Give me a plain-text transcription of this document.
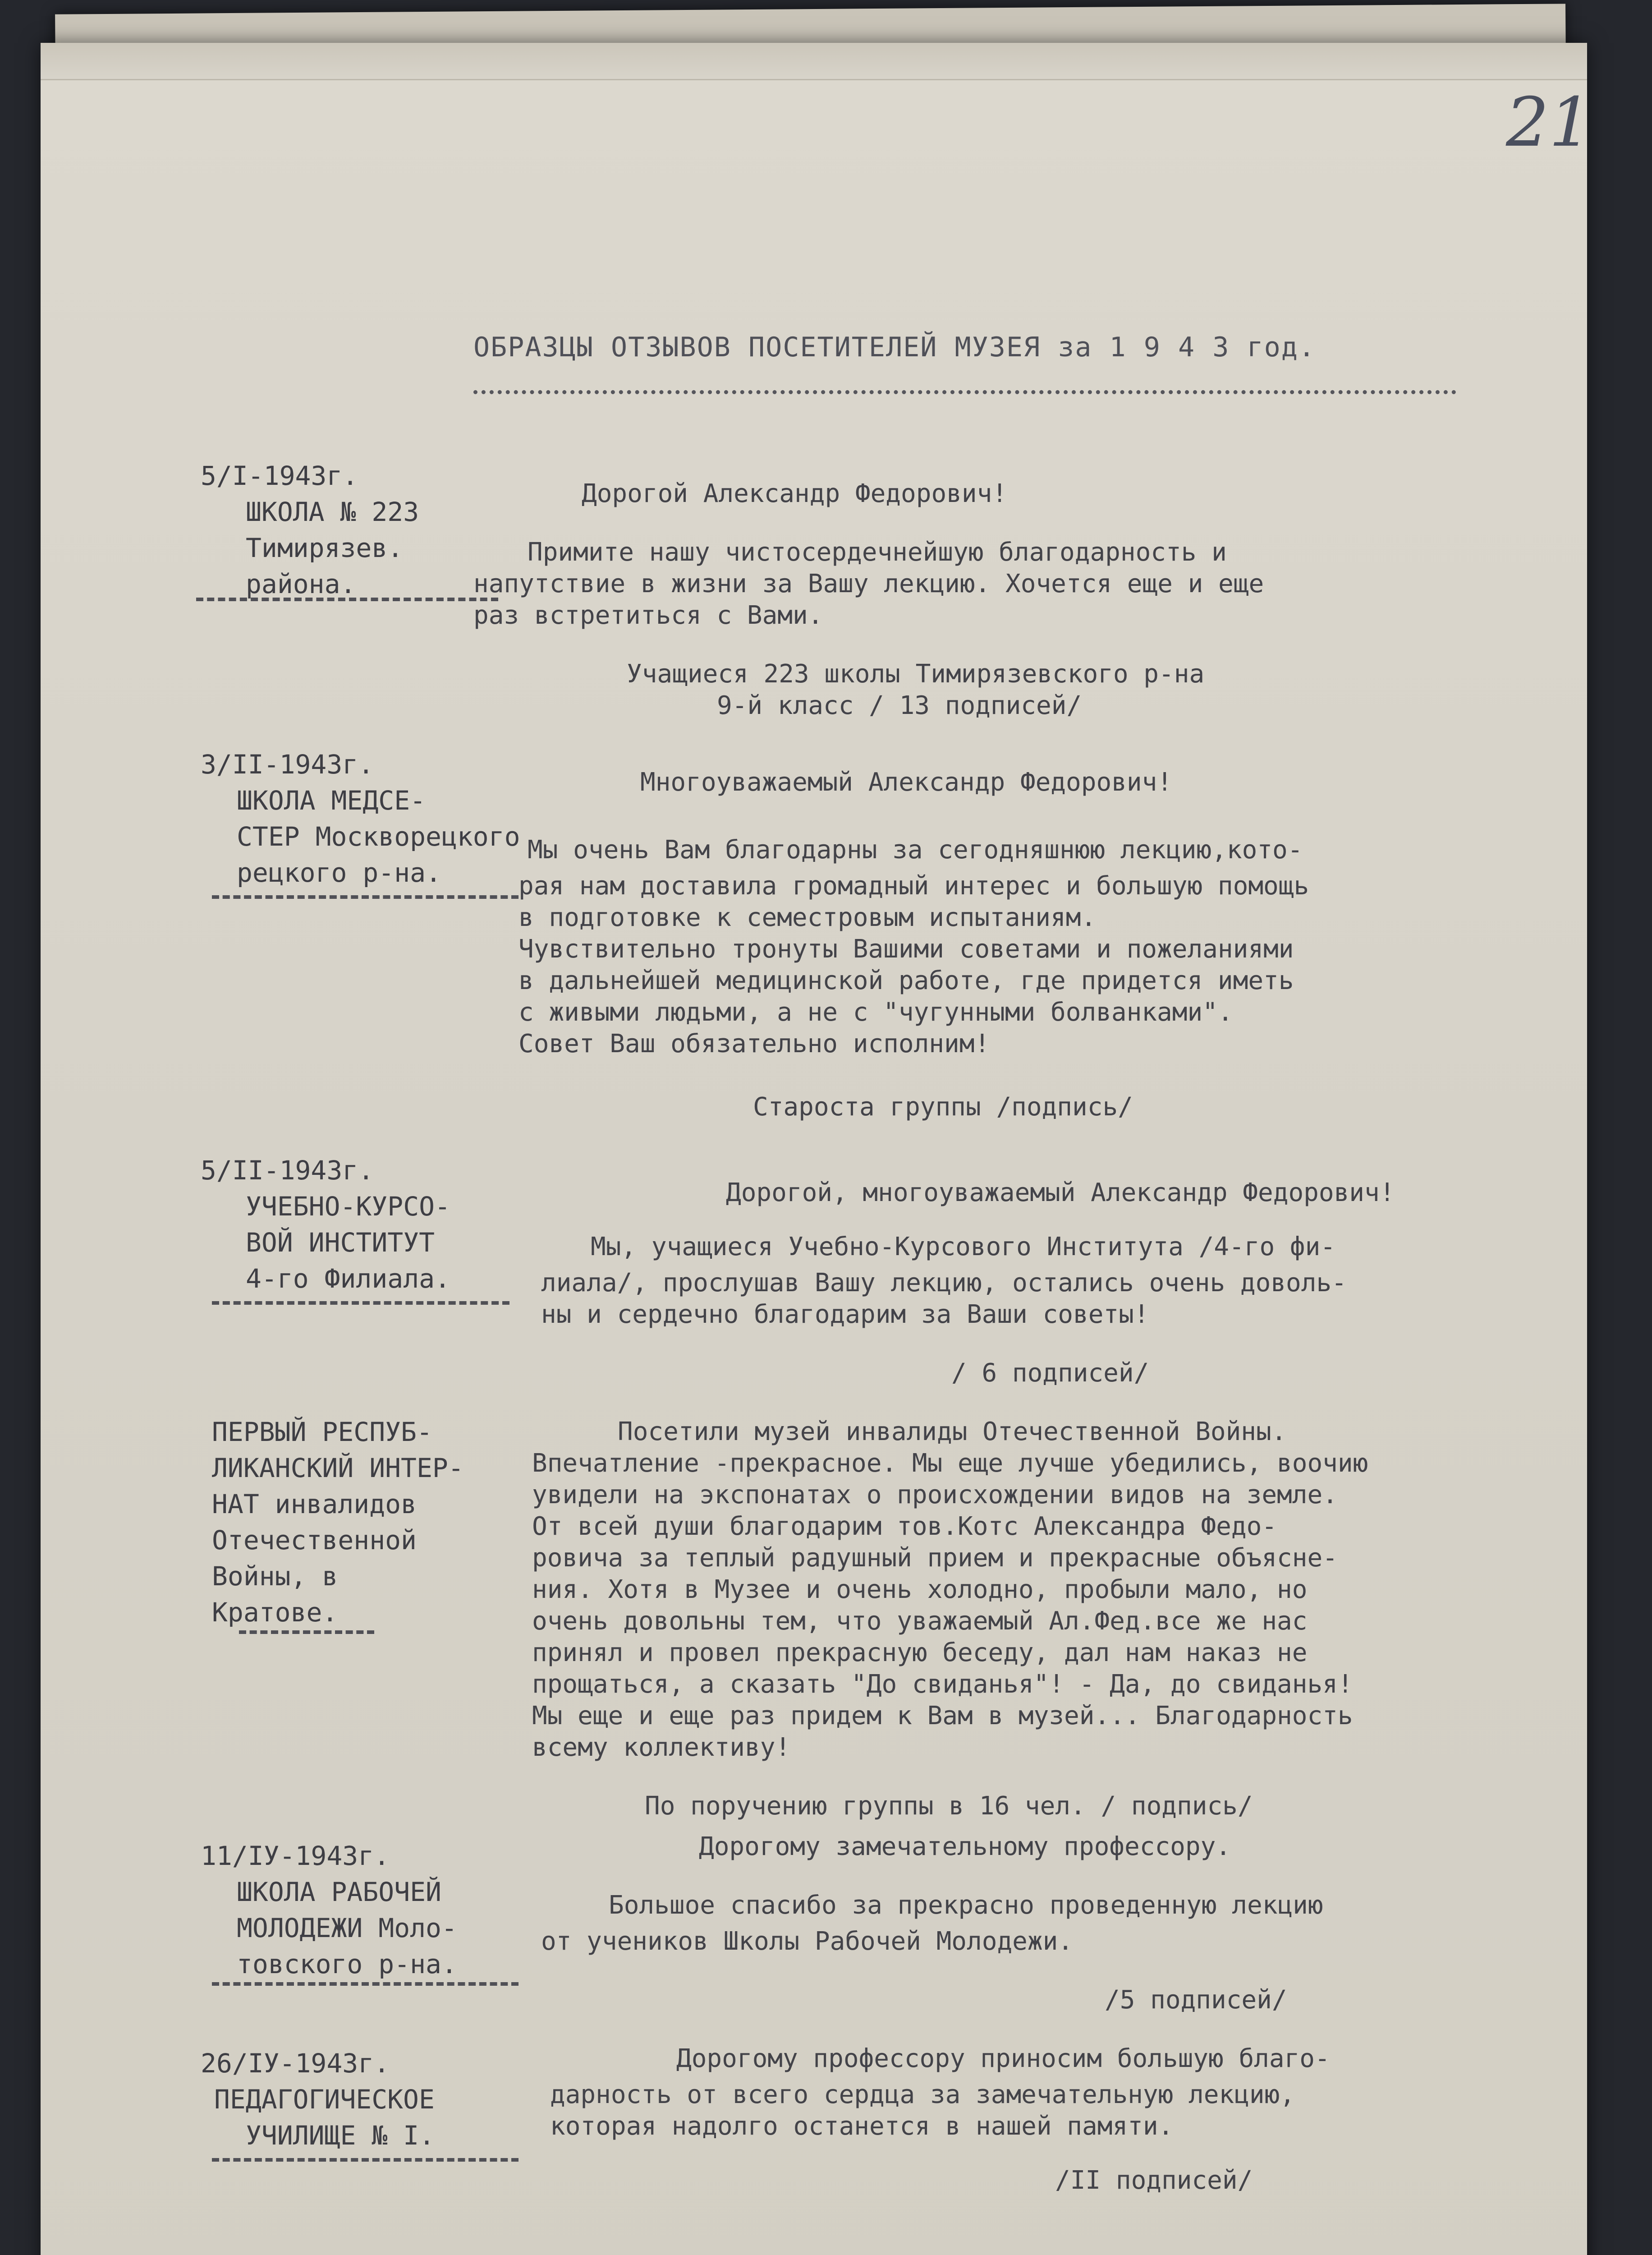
21
ОБРАЗЦЫ ОТЗЫВОВ ПОСЕТИТЕЛЕЙ МУЗЕЯ за 1 9 4 3 год.
5/I-1943г.
ШКОЛА № 223
Тимирязев.
района.
Дорогой Александр Федорович!
Примите нашу чистосердечнейшую благодарность и
напутствие в жизни за Вашу лекцию. Хочется еще и еще
раз встретиться с Вами.
Учащиеся 223 школы Тимирязевского р-на
9-й класс / 13 подписей/
3/II-1943г.
ШКОЛА МЕДСЕ-
СТЕР Москворецкого
рецкого р-на.
Многоуважаемый Александр Федорович!
Мы очень Вам благодарны за сегодняшнюю лекцию,кото-
рая нам доставила громадный интерес и большую помощь
в подготовке к семестровым испытаниям.
Чувствительно тронуты Вашими советами и пожеланиями
в дальнейшей медицинской работе, где придется иметь
с живыми людьми, а не с "чугунными болванками".
Совет Ваш обязательно исполним!
Староста группы /подпись/
5/II-1943г.
УЧЕБНО-КУРСО-
ВОЙ ИНСТИТУТ
4-го Филиала.
Дорогой, многоуважаемый Александр Федорович!
Мы, учащиеся Учебно-Курсового Института /4-го фи-
лиала/, прослушав Вашу лекцию, остались очень доволь-
ны и сердечно благодарим за Ваши советы!
/ 6 подписей/
ПЕРВЫЙ РЕСПУБ-
ЛИКАНСКИЙ ИНТЕР-
НАТ инвалидов
Отечественной
Войны, в
Кратове.
Посетили музей инвалиды Отечественной Войны.
Впечатление -прекрасное. Мы еще лучше убедились, воочию
увидели на экспонатах о происхождении видов на земле.
От всей души благодарим тов.Котс Александра Федо-
ровича за теплый радушный прием и прекрасные объясне-
ния. Хотя в Музее и очень холодно, пробыли мало, но
очень довольны тем, что уважаемый Ал.Фед.все же нас
принял и провел прекрасную беседу, дал нам наказ не
прощаться, а сказать "До свиданья"! - Да, до свиданья!
Мы еще и еще раз придем к Вам в музей... Благодарность
всему коллективу!
По поручению группы в 16 чел. / подпись/
11/IУ-1943г.
ШКОЛА РАБОЧЕЙ
МОЛОДЕЖИ Моло-
товского р-на.
Дорогому замечательному профессору.
Большое спасибо за прекрасно проведенную лекцию
от учеников Школы Рабочей Молодежи.
/5 подписей/
26/IУ-1943г.
ПЕДАГОГИЧЕСКОЕ
УЧИЛИЩЕ № I.
Дорогому профессору приносим большую благо-
дарность от всего сердца за замечательную лекцию,
которая надолго останется в нашей памяти.
/II подписей/
